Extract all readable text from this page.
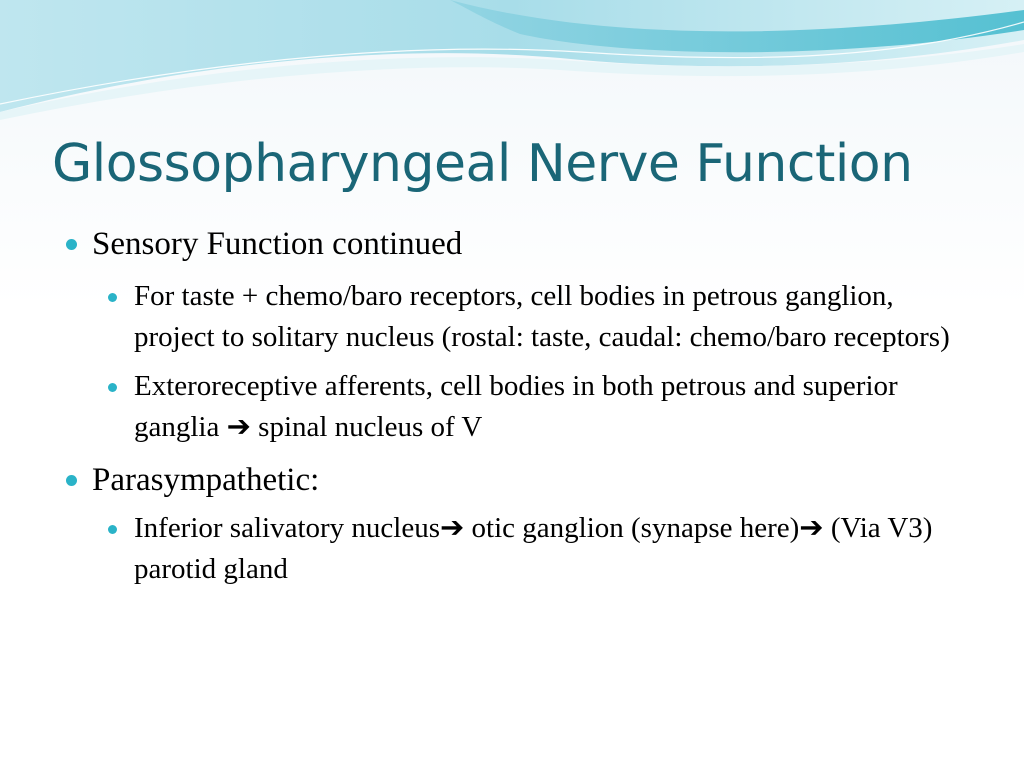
Glossopharyngeal Nerve Function
Sensory Function continued
For taste + chemo/baro receptors, cell bodies in petrous ganglion, project to solitary nucleus (rostal: taste, caudal: chemo/baro receptors)
Exteroreceptive afferents, cell bodies in both petrous and superior ganglia ➔ spinal nucleus of V
Parasympathetic:
Inferior salivatory nucleus➔ otic ganglion (synapse here)➔ (Via V3) parotid gland
